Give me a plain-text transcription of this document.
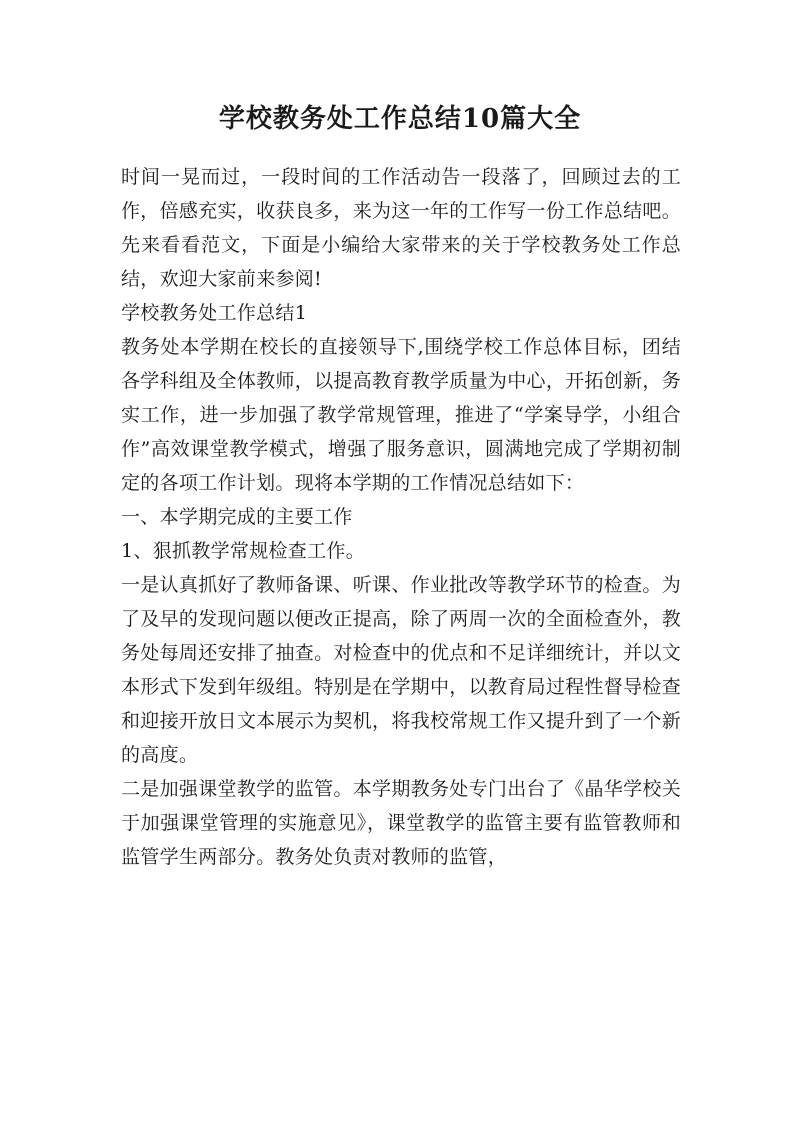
学校教务处工作总结10篇大全

时间一晃而过，一段时间的工作活动告一段落了，回顾过去的工作，倍感充实，收获良多，来为这一年的工作写一份工作总结吧。先来看看范文，下面是小编给大家带来的关于学校教务处工作总结，欢迎大家前来参阅!

学校教务处工作总结1

教务处本学期在校长的直接领导下,围绕学校工作总体目标，团结各学科组及全体教师，以提高教育教学质量为中心，开拓创新，务实工作，进一步加强了教学常规管理，推进了“学案导学，小组合作”高效课堂教学模式，增强了服务意识，圆满地完成了学期初制定的各项工作计划。现将本学期的工作情况总结如下：

一、本学期完成的主要工作

1、狠抓教学常规检查工作。

一是认真抓好了教师备课、听课、作业批改等教学环节的检查。为了及早的发现问题以便改正提高，除了两周一次的全面检查外，教务处每周还安排了抽查。对检查中的优点和不足详细统计，并以文本形式下发到年级组。特别是在学期中，以教育局过程性督导检查和迎接开放日文本展示为契机，将我校常规工作又提升到了一个新的高度。

二是加强课堂教学的监管。本学期教务处专门出台了《晶华学校关于加强课堂管理的实施意见》，课堂教学的监管主要有监管教师和监管学生两部分。教务处负责对教师的监管，
